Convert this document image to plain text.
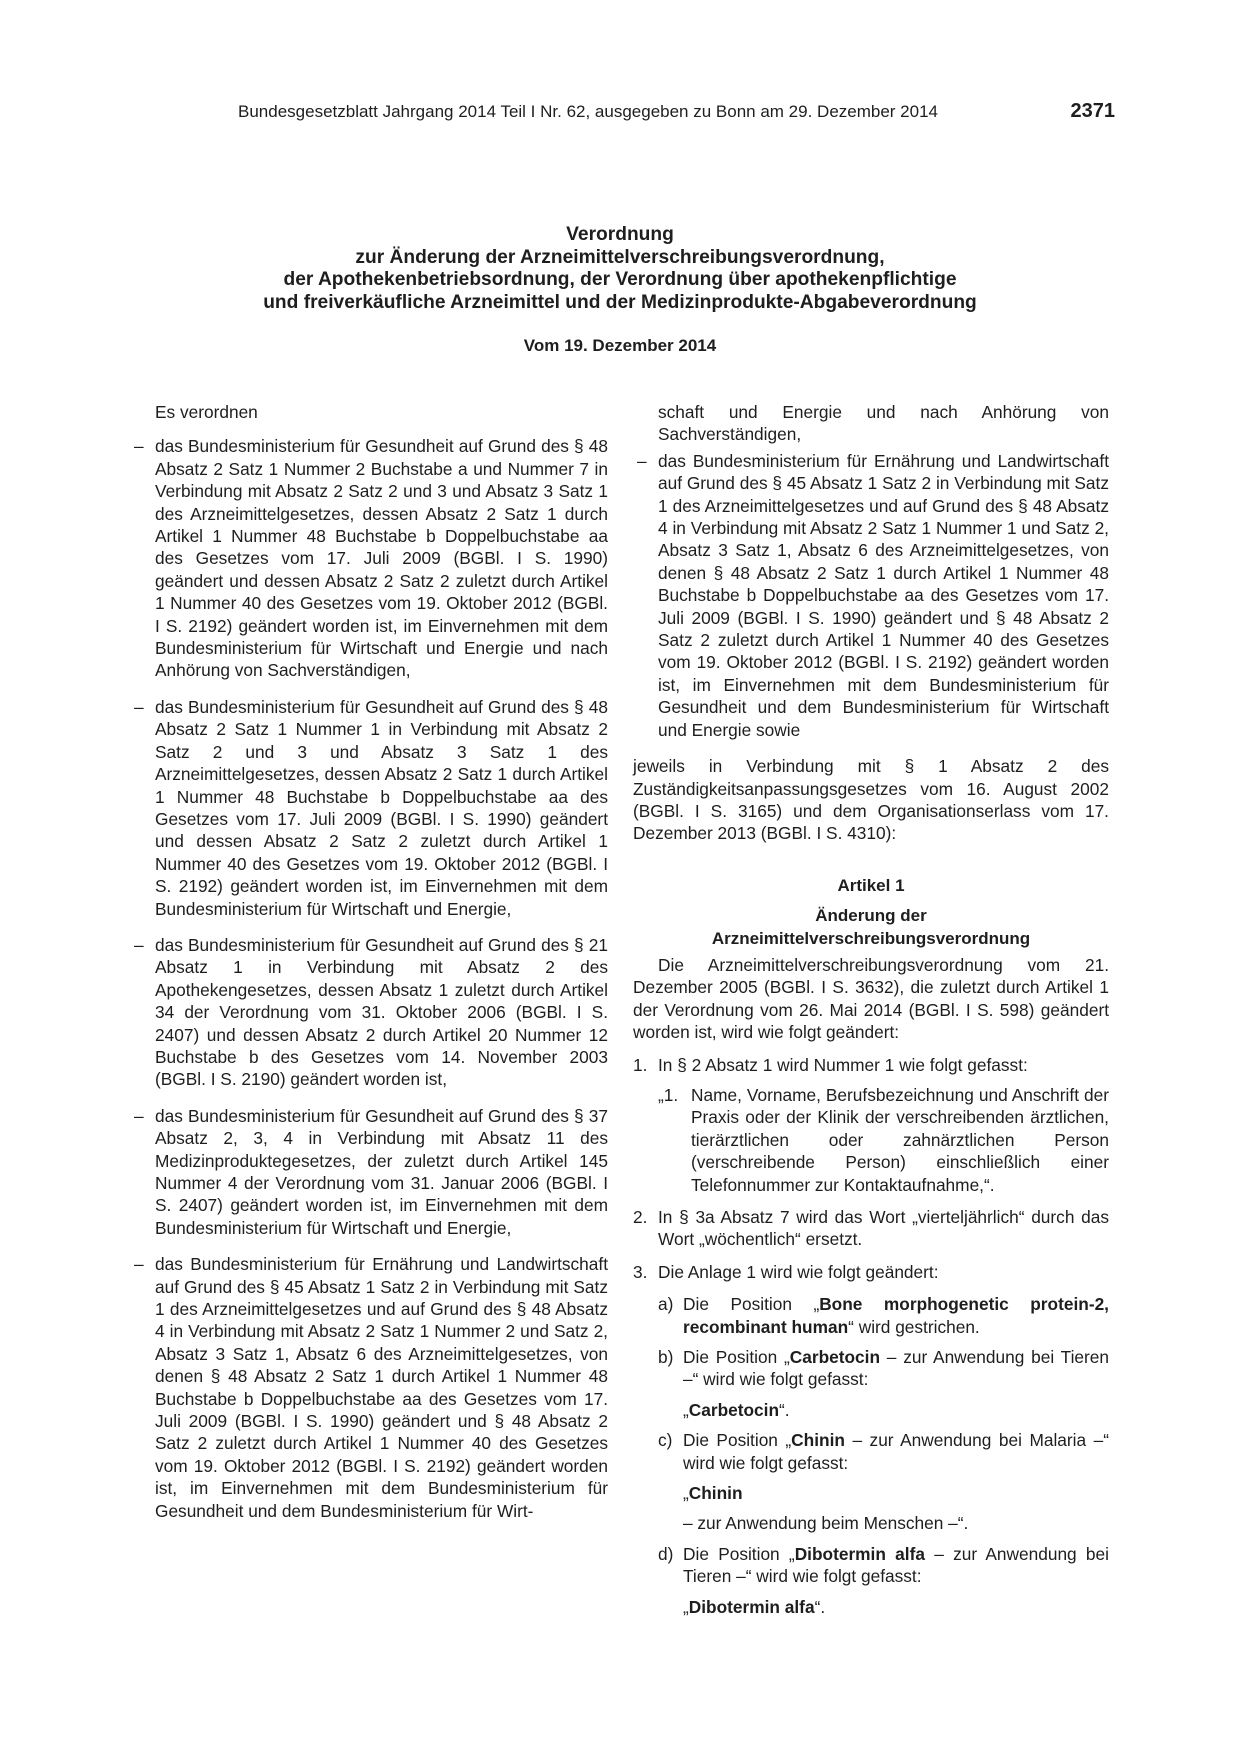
Bundesgesetzblatt Jahrgang 2014 Teil I Nr. 62, ausgegeben zu Bonn am 29. Dezember 2014	2371
Verordnung
zur Änderung der Arzneimittelverschreibungsverordnung,
der Apothekenbetriebsordnung, der Verordnung über apothekenpflichtige
und freiverkäufliche Arzneimittel und der Medizinprodukte-Abgabeverordnung
Vom 19. Dezember 2014

Es verordnen

– das Bundesministerium für Gesundheit auf Grund des § 48 Absatz 2 Satz 1 Nummer 2 Buchstabe a und Nummer 7 in Verbindung mit Absatz 2 Satz 2 und 3 und Absatz 3 Satz 1 des Arzneimittelgesetzes, dessen Absatz 2 Satz 1 durch Artikel 1 Nummer 48 Buchstabe b Doppelbuchstabe aa des Gesetzes vom 17. Juli 2009 (BGBl. I S. 1990) geändert und dessen Absatz 2 Satz 2 zuletzt durch Artikel 1 Nummer 40 des Gesetzes vom 19. Oktober 2012 (BGBl. I S. 2192) geändert worden ist, im Einvernehmen mit dem Bundesministerium für Wirtschaft und Energie und nach Anhörung von Sachverständigen,

– das Bundesministerium für Gesundheit auf Grund des § 48 Absatz 2 Satz 1 Nummer 1 in Verbindung mit Absatz 2 Satz 2 und 3 und Absatz 3 Satz 1 des Arzneimittelgesetzes, dessen Absatz 2 Satz 1 durch Artikel 1 Nummer 48 Buchstabe b Doppelbuchstabe aa des Gesetzes vom 17. Juli 2009 (BGBl. I S. 1990) geändert und dessen Absatz 2 Satz 2 zuletzt durch Artikel 1 Nummer 40 des Gesetzes vom 19. Oktober 2012 (BGBl. I S. 2192) geändert worden ist, im Einvernehmen mit dem Bundesministerium für Wirtschaft und Energie,

– das Bundesministerium für Gesundheit auf Grund des § 21 Absatz 1 in Verbindung mit Absatz 2 des Apothekengesetzes, dessen Absatz 1 zuletzt durch Artikel 34 der Verordnung vom 31. Oktober 2006 (BGBl. I S. 2407) und dessen Absatz 2 durch Artikel 20 Nummer 12 Buchstabe b des Gesetzes vom 14. November 2003 (BGBl. I S. 2190) geändert worden ist,

– das Bundesministerium für Gesundheit auf Grund des § 37 Absatz 2, 3, 4 in Verbindung mit Absatz 11 des Medizinproduktegesetzes, der zuletzt durch Artikel 145 Nummer 4 der Verordnung vom 31. Januar 2006 (BGBl. I S. 2407) geändert worden ist, im Einvernehmen mit dem Bundesministerium für Wirtschaft und Energie,

– das Bundesministerium für Ernährung und Landwirtschaft auf Grund des § 45 Absatz 1 Satz 2 in Verbindung mit Satz 1 des Arzneimittelgesetzes und auf Grund des § 48 Absatz 4 in Verbindung mit Absatz 2 Satz 1 Nummer 2 und Satz 2, Absatz 3 Satz 1, Absatz 6 des Arzneimittelgesetzes, von denen § 48 Absatz 2 Satz 1 durch Artikel 1 Nummer 48 Buchstabe b Doppelbuchstabe aa des Gesetzes vom 17. Juli 2009 (BGBl. I S. 1990) geändert und § 48 Absatz 2 Satz 2 zuletzt durch Artikel 1 Nummer 40 des Gesetzes vom 19. Oktober 2012 (BGBl. I S. 2192) geändert worden ist, im Einvernehmen mit dem Bundesministerium für Gesundheit und dem Bundesministerium für Wirt-

schaft und Energie und nach Anhörung von Sachverständigen,

– das Bundesministerium für Ernährung und Landwirtschaft auf Grund des § 45 Absatz 1 Satz 2 in Verbindung mit Satz 1 des Arzneimittelgesetzes und auf Grund des § 48 Absatz 4 in Verbindung mit Absatz 2 Satz 1 Nummer 1 und Satz 2, Absatz 3 Satz 1, Absatz 6 des Arzneimittelgesetzes, von denen § 48 Absatz 2 Satz 1 durch Artikel 1 Nummer 48 Buchstabe b Doppelbuchstabe aa des Gesetzes vom 17. Juli 2009 (BGBl. I S. 1990) geändert und § 48 Absatz 2 Satz 2 zuletzt durch Artikel 1 Nummer 40 des Gesetzes vom 19. Oktober 2012 (BGBl. I S. 2192) geändert worden ist, im Einvernehmen mit dem Bundesministerium für Gesundheit und dem Bundesministerium für Wirtschaft und Energie sowie

jeweils in Verbindung mit § 1 Absatz 2 des Zuständigkeitsanpassungsgesetzes vom 16. August 2002 (BGBl. I S. 3165) und dem Organisationserlass vom 17. Dezember 2013 (BGBl. I S. 4310):

Artikel 1
Änderung der
Arzneimittelverschreibungsverordnung

Die Arzneimittelverschreibungsverordnung vom 21. Dezember 2005 (BGBl. I S. 3632), die zuletzt durch Artikel 1 der Verordnung vom 26. Mai 2014 (BGBl. I S. 598) geändert worden ist, wird wie folgt geändert:

1. In § 2 Absatz 1 wird Nummer 1 wie folgt gefasst:

„1. Name, Vorname, Berufsbezeichnung und Anschrift der Praxis oder der Klinik der verschreibenden ärztlichen, tierärztlichen oder zahnärztlichen Person (verschreibende Person) einschließlich einer Telefonnummer zur Kontaktaufnahme,“.

2. In § 3a Absatz 7 wird das Wort „vierteljährlich“ durch das Wort „wöchentlich“ ersetzt.

3. Die Anlage 1 wird wie folgt geändert:

a) Die Position „Bone morphogenetic protein-2, recombinant human“ wird gestrichen.

b) Die Position „Carbetocin – zur Anwendung bei Tieren –“ wird wie folgt gefasst:

„Carbetocin“.

c) Die Position „Chinin – zur Anwendung bei Malaria –“ wird wie folgt gefasst:

„Chinin

– zur Anwendung beim Menschen –“.

d) Die Position „Dibotermin alfa – zur Anwendung bei Tieren –“ wird wie folgt gefasst:

„Dibotermin alfa“.
